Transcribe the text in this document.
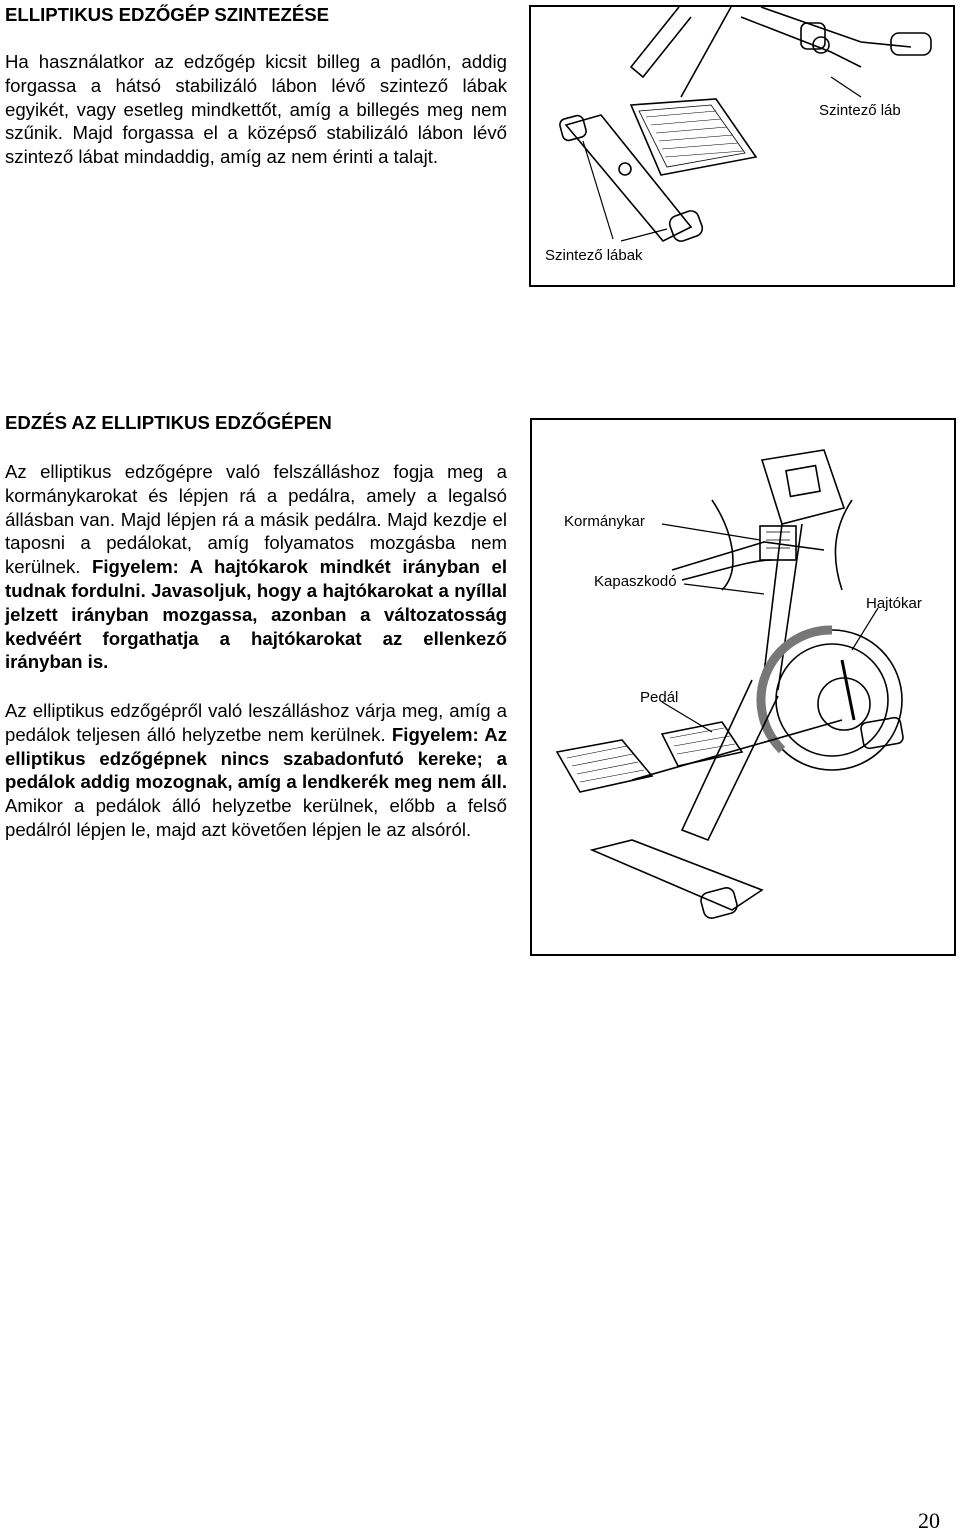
ELLIPTIKUS EDZŐGÉP SZINTEZÉSE
Ha használatkor az edzőgép kicsit billeg a padlón, addig forgassa a hátsó stabilizáló lábon lévő szintező lábak egyikét, vagy esetleg mindkettőt, amíg a billegés meg nem szűnik. Majd forgassa el a középső stabilizáló lábon lévő szintező lábat mindaddig, amíg az nem érinti a talajt.
Szintező láb
Szintező lábak
EDZÉS AZ ELLIPTIKUS EDZŐGÉPEN
Az elliptikus edzőgépre való felszálláshoz fogja meg a kormánykarokat és lépjen rá a pedálra, amely a legalsó állásban van. Majd lépjen rá a másik pedálra. Majd kezdje el taposni a pedálokat, amíg folyamatos mozgásba nem kerülnek. Figyelem: A hajtókarok mindkét irányban el tudnak fordulni. Javasoljuk, hogy a hajtókarokat a nyíllal jelzett irányban mozgassa, azonban a változatosság kedvéért forgathatja a hajtókarokat az ellenkező irányban is.
Az elliptikus edzőgépről való leszálláshoz várja meg, amíg a pedálok teljesen álló helyzetbe nem kerülnek. Figyelem: Az elliptikus edzőgépnek nincs szabadonfutó kereke; a pedálok addig mozognak, amíg a lendkerék meg nem áll. Amikor a pedálok álló helyzetbe kerülnek, előbb a felső pedálról lépjen le, majd azt követően lépjen le az alsóról.
Kormánykar
Kapaszkodó
Hajtókar
Pedál
20
